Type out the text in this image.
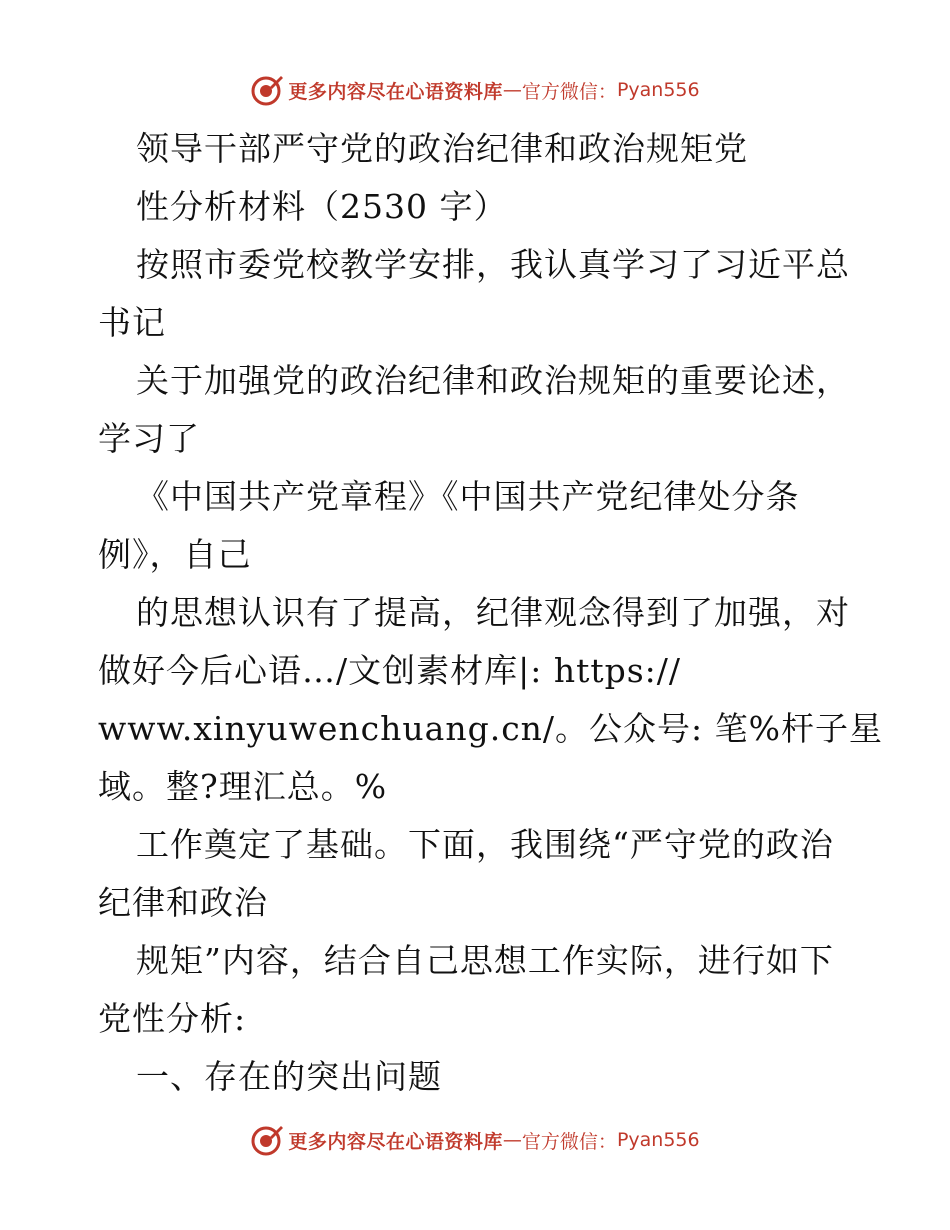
更多内容尽在心语资料库 — 官方微信： Pyan556
领导干部严守党的政治纪律和政治规矩党
性分析材料（2530 字）
按照市委党校教学安排，我认真学习了习近平总
书记
关于加强党的政治纪律和政治规矩的重要论述，
学习了
《中国共产党章程》《中国共产党纪律处分条
例》，自己
的思想认识有了提高，纪律观念得到了加强，对
做好今后心语…/文创素材库|: https://
www.xinyuwenchuang.cn/。公众号: 笔%杆子星
域。整?理汇总。%
工作奠定了基础。下面，我围绕“严守党的政治
纪律和政治
规矩”内容，结合自己思想工作实际，进行如下
党性分析:
一、存在的突出问题
更多内容尽在心语资料库 — 官方微信： Pyan556
